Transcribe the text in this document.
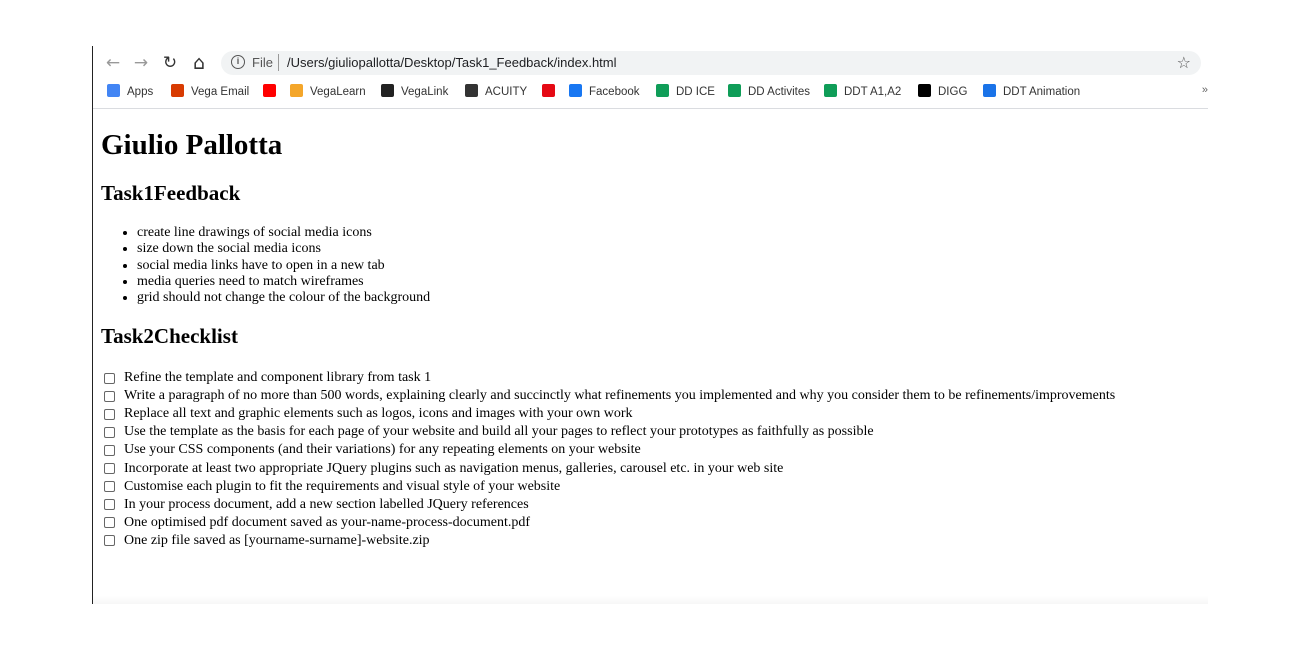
← → ↻ ⌂	i File /Users/giuliopallotta/Desktop/Task1_Feedback/index.html	☆
Apps	Vega Email	VegaLearn	VegaLink	ACUITY	Facebook	DD ICE	DD Activites	DDT A1,A2	DIGG	DDT Animation	»
Giulio Pallotta
Task1Feedback
• create line drawings of social media icons
• size down the social media icons
• social media links have to open in a new tab
• media queries need to match wireframes
• grid should not change the colour of the background
Task2Checklist
Refine the template and component library from task 1
Write a paragraph of no more than 500 words, explaining clearly and succinctly what refinements you implemented and why you consider them to be refinements/improvements
Replace all text and graphic elements such as logos, icons and images with your own work
Use the template as the basis for each page of your website and build all your pages to reflect your prototypes as faithfully as possible
Use your CSS components (and their variations) for any repeating elements on your website
Incorporate at least two appropriate JQuery plugins such as navigation menus, galleries, carousel etc. in your web site
Customise each plugin to fit the requirements and visual style of your website
In your process document, add a new section labelled JQuery references
One optimised pdf document saved as your-name-process-document.pdf
One zip file saved as [yourname-surname]-website.zip
